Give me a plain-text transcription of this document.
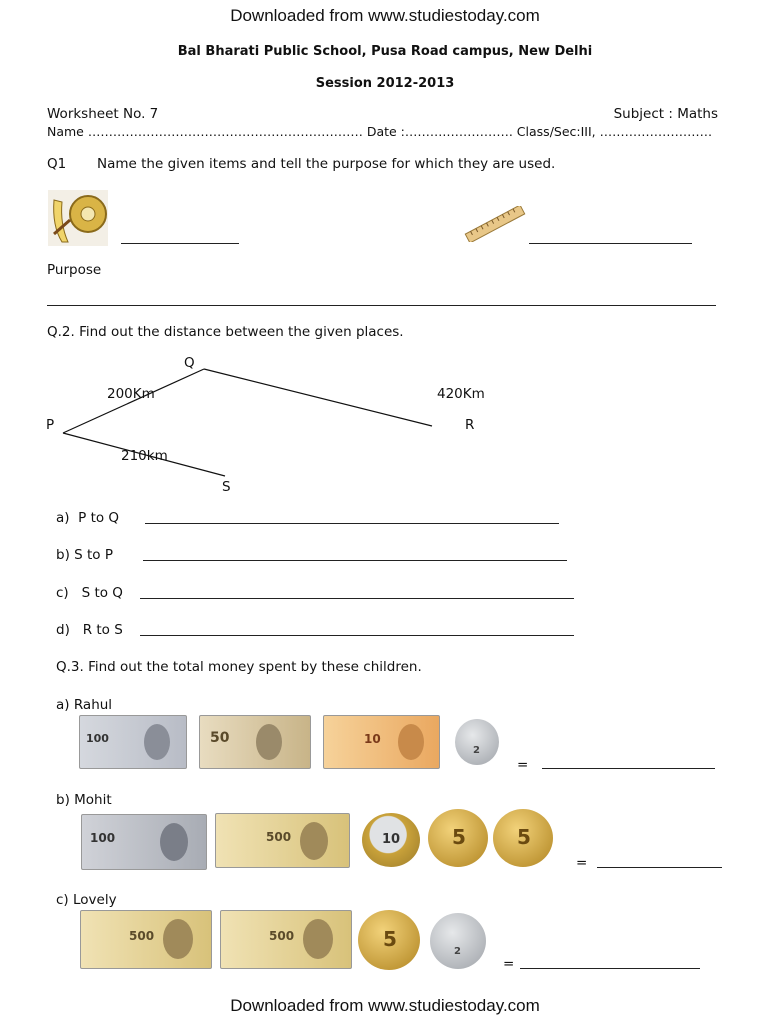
Downloaded from www.studiestoday.com
Bal Bharati Public School, Pusa Road campus, New Delhi
Session 2012-2013
Worksheet No. 7	Subject : Maths
Name ………………………………………………………… Date :……….……………. Class/Sec:III, ………………………
Q1 Name the given items and tell the purpose for which they are used.
Purpose
Q.2. Find out the distance between the given places.
Q
P	R
S
200Km	420Km
210km
a) P to Q
b) S to P
c) S to Q
d) R to S
Q.3. Find out the total money spent by these children.
a) Rahul
100	50	10
2
=
b) Mohit
100	500	10	5	5
=
c) Lovely
500	500	5
2
=
Downloaded from www.studiestoday.com
